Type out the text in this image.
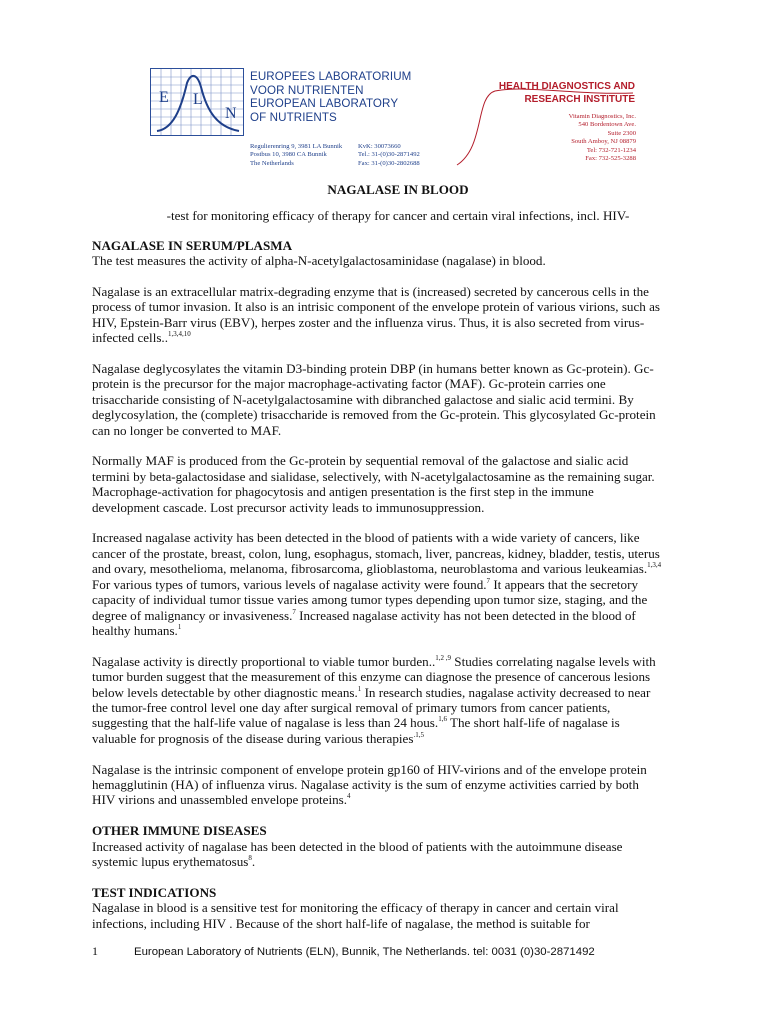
E L
N
EUROPEES LABORATORIUM
VOOR NUTRIENTEN
EUROPEAN LABORATORY
OF NUTRIENTS
Regulierenring 9, 3981 LA Bunnik
Postbus 10, 3980 CA Bunnik
The Netherlands
KvK: 30073660
Tel.: 31-(0)30-2871492
Fax: 31-(0)30-2802688
HEALTH DIAGNOSTICS AND
RESEARCH INSTITUTE
Vitamin Diagnostics, Inc.
540 Bordentown Ave.
Suite 2300
South Amboy, NJ 08879
Tel: 732-721-1234
Fax: 732-525-3288
NAGALASE IN BLOOD
-test for monitoring efficacy of therapy for cancer and certain viral infections, incl. HIV-
NAGALASE IN SERUM/PLASMA

The test measures the activity of alpha-N-acetylgalactosaminidase (nagalase) in blood.

Nagalase is an extracellular matrix-degrading enzyme that is (increased) secreted by cancerous cells in the process of tumor invasion. It also is an intrisic component of the envelope protein of various virions, such as HIV, Epstein-Barr virus (EBV), herpes zoster and the influenza virus. Thus, it is also secreted from virus-infected cells..$^{1,3,4,10}$

Nagalase deglycosylates the vitamin D3-binding protein DBP (in humans better known as Gc-protein). Gc-protein is the precursor for the major macrophage-activating factor (MAF). Gc-protein carries one trisaccharide consisting of N-acetylgalactosamine with dibranched galactose and sialic acid termini. By deglycosylation, the (complete) trisaccharide is removed from the Gc-protein. This glycosylated Gc-protein can no longer be converted to MAF.

Normally MAF is produced from the Gc-protein by sequential removal of the galactose and sialic acid termini by beta-galactosidase and sialidase, selectively, with N-acetylgalactosamine as the remaining sugar. Macrophage-activation for phagocytosis and antigen presentation is the first step in the immune development cascade. Lost precursor activity leads to immunosuppression.

Increased nagalase activity has been detected in the blood of patients with a wide variety of cancers, like cancer of the prostate, breast, colon, lung, esophagus, stomach, liver, pancreas, kidney, bladder, testis, uterus and ovary, mesothelioma, melanoma, fibrosarcoma, glioblastoma, neuroblastoma and various leukeamias.$^{1,3,4}$ For various types of tumors, various levels of nagalase activity were found.$^7$ It appears that the secretory capacity of individual tumor tissue varies among tumor types depending upon tumor size, staging, and the degree of malignancy or invasiveness.$^7$ Increased nagalase activity has not been detected in the blood of healthy humans.$^1$

Nagalase activity is directly proportional to viable tumor burden..$^{1,2 ,9}$ Studies correlating nagalse levels with tumor burden suggest that the measurement of this enzyme can diagnose the presence of cancerous lesions below levels detectable by other diagnostic means.$^1$ In research studies, nagalase activity decreased to near the tumor-free control level one day after surgical removal of primary tumors from cancer patients, suggesting that the half-life value of nagalase is less than 24 hous.$^{1,6}$ The short half-life of nagalase is valuable for prognosis of the disease during various therapies$^{.1,5}$

Nagalase is the intrinsic component of envelope protein gp160 of HIV-virions and of the envelope protein hemagglutinin (HA) of influenza virus. Nagalase activity is the sum of enzyme activities carried by both HIV virions and unassembled envelope proteins.$^4$

OTHER IMMUNE DISEASES

Increased activity of nagalase has been detected in the blood of patients with the autoimmune disease systemic lupus erythematosus$^8$.

TEST INDICATIONS

Nagalase in blood is a sensitive test for monitoring the efficacy of therapy in cancer and certain viral infections, including HIV . Because of the short half-life of nagalase, the method is suitable for

1	European Laboratory of Nutrients (ELN), Bunnik, The Netherlands. tel: 0031 (0)30-2871492
